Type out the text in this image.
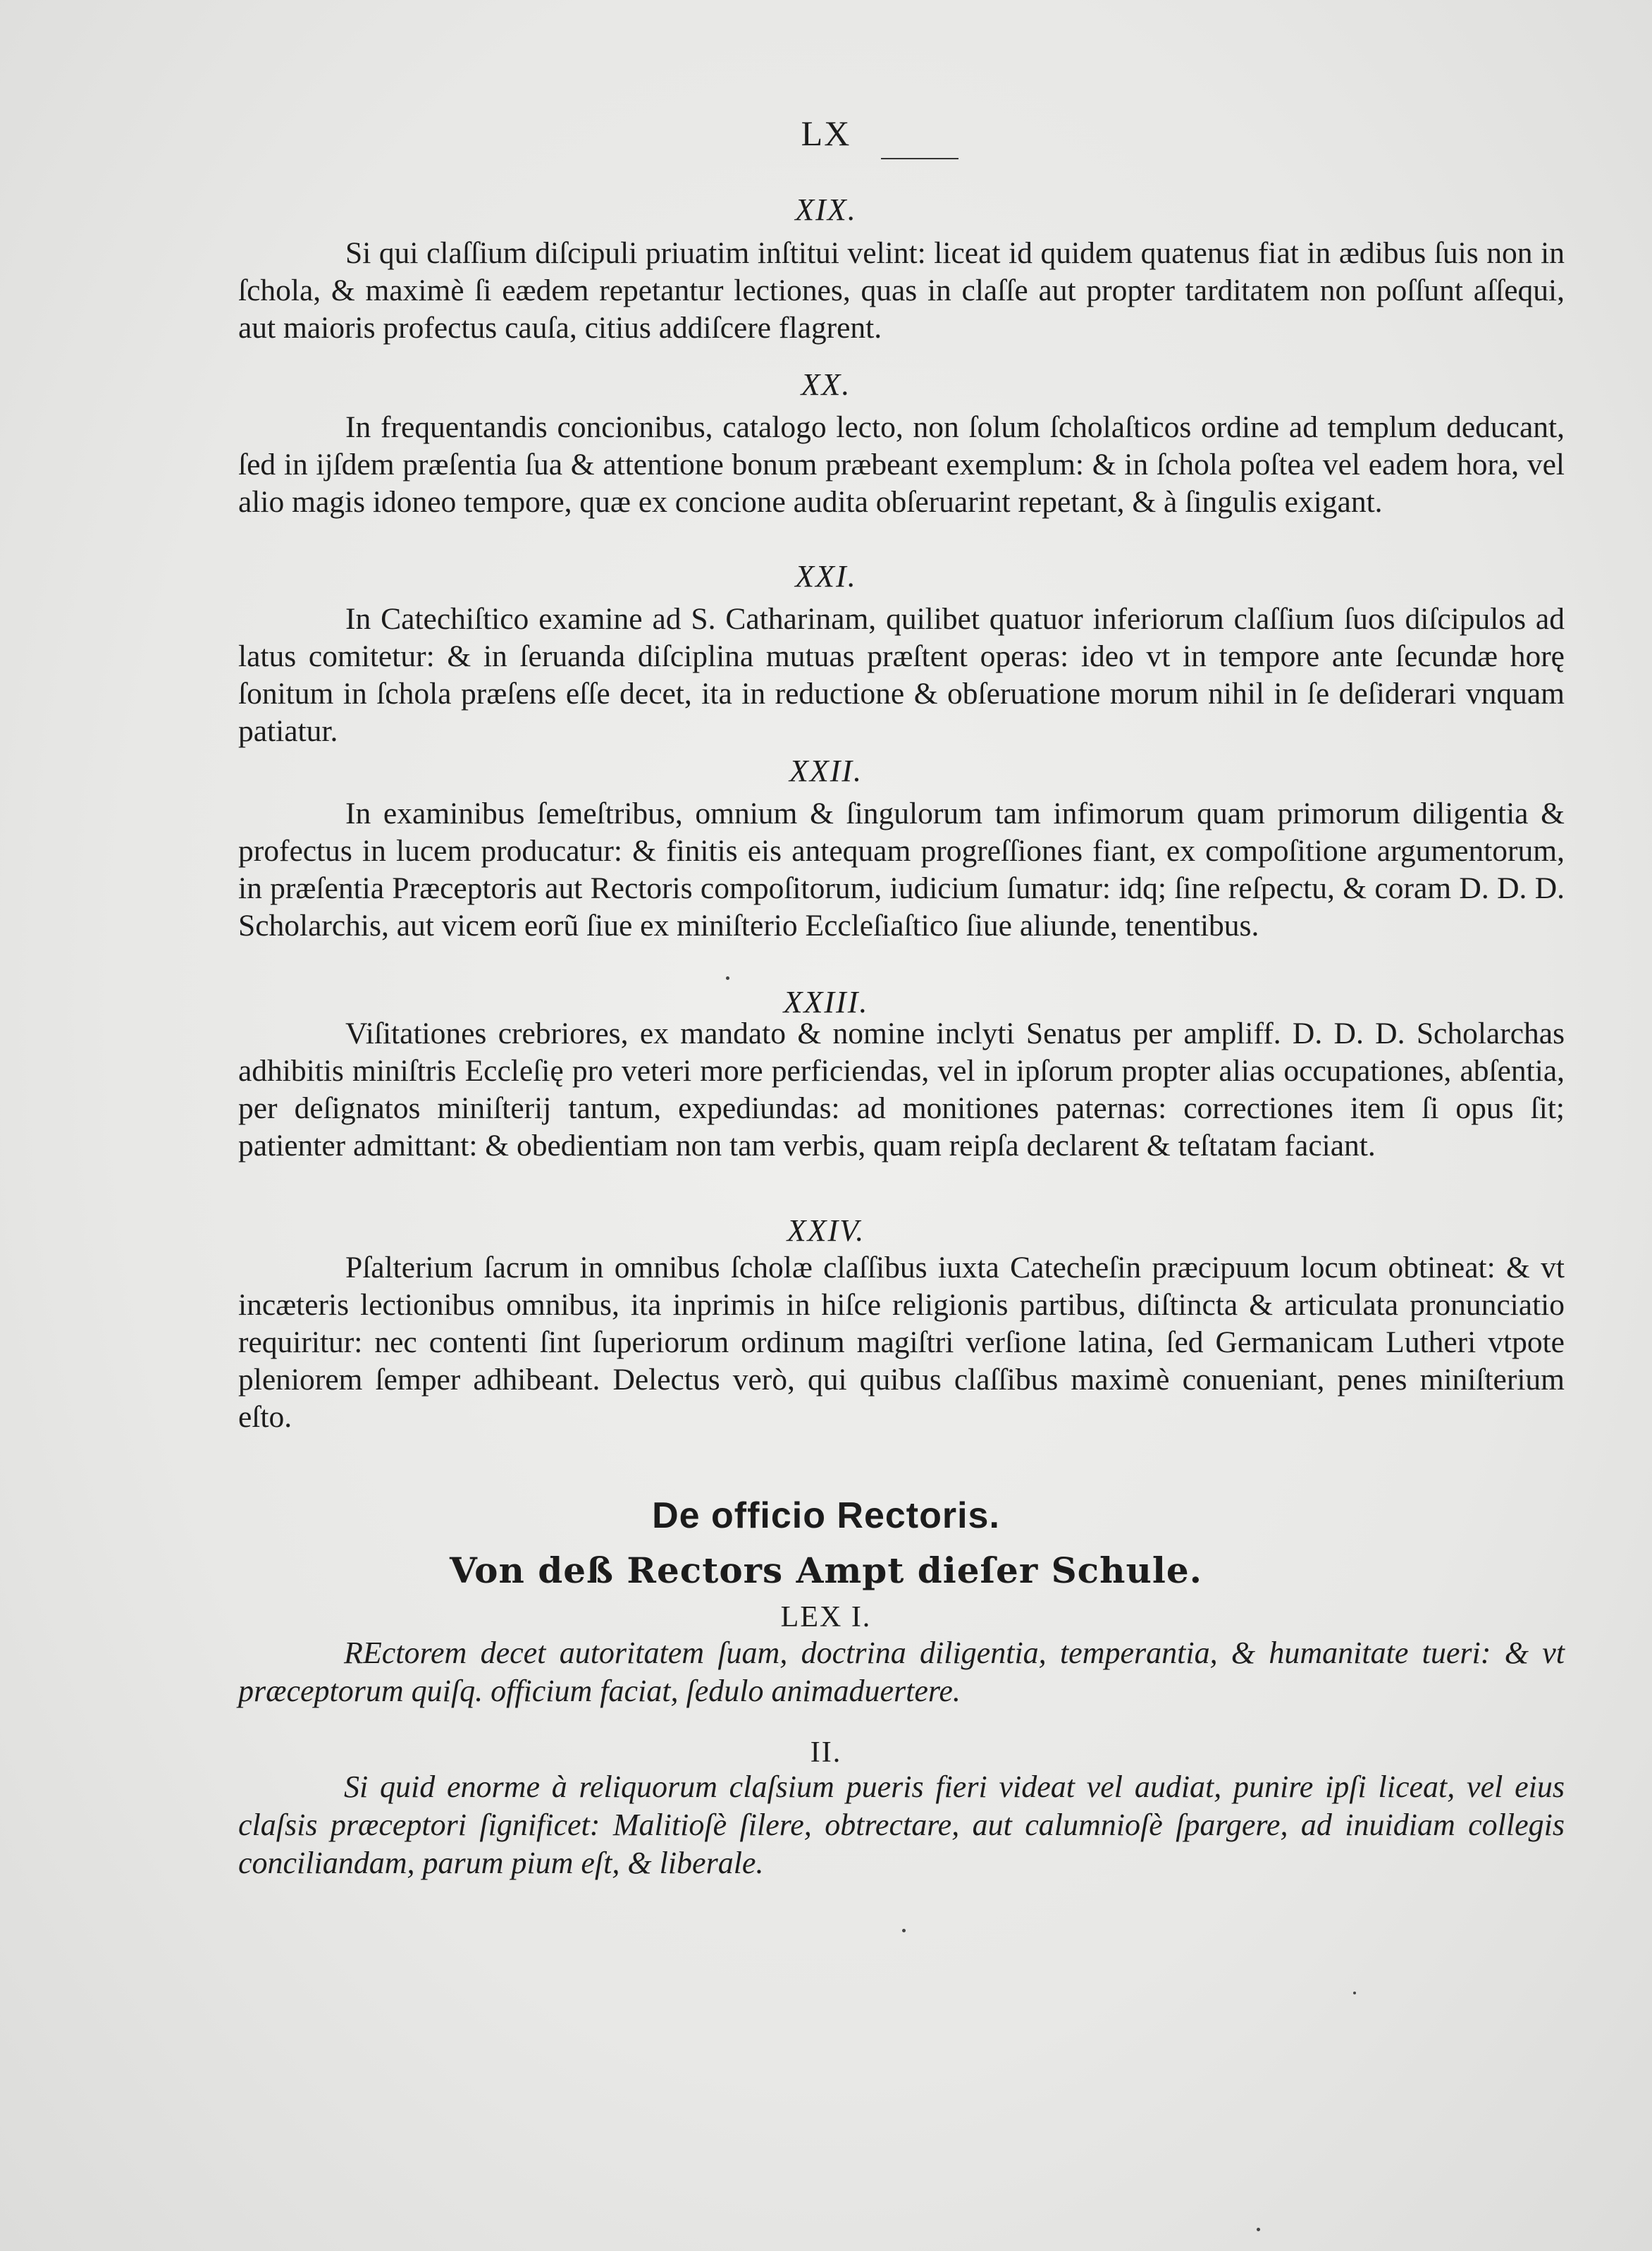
LX
XIX.

Si qui claſſium diſcipuli priuatim inſtitui velint: liceat id quidem quatenus fiat in ædibus ſuis non in ſchola, & maximè ſi eædem repetantur lectiones, quas in claſſe aut propter tarditatem non poſſunt aſſequi, aut maioris profectus cauſa, citius addiſcere flagrent.

XX.

In frequentandis concionibus, catalogo lecto, non ſolum ſcholaſticos ordine ad templum deducant, ſed in ijſdem præſentia ſua & attentione bonum præbeant exemplum: & in ſchola poſtea vel eadem hora, vel alio magis idoneo tempore, quæ ex concione audita obſeruarint repetant, & à ſingulis exigant.

XXI.

In Catechiſtico examine ad S. Catharinam, quilibet quatuor inferiorum claſſium ſuos diſcipulos ad latus comitetur: & in ſeruanda diſciplina mutuas præſtent operas: ideo vt in tempore ante ſecundæ horę ſonitum in ſchola præſens eſſe decet, ita in reductione & obſeruatione morum nihil in ſe deſiderari vnquam patiatur.

XXII.

In examinibus ſemeſtribus, omnium & ſingulorum tam infimorum quam primorum diligentia & profectus in lucem producatur: & finitis eis antequam progreſſiones fiant, ex compoſitione argumentorum, in præſentia Præceptoris aut Rectoris compoſitorum, iudicium ſumatur: idq; ſine reſpectu, & coram D. D. D. Scholarchis, aut vicem eorũ ſiue ex miniſterio Eccleſiaſtico ſiue aliunde, tenentibus.

XXIII.

Viſitationes crebriores, ex mandato & nomine inclyti Senatus per ampliff. D. D. D. Scholarchas adhibitis miniſtris Eccleſię pro veteri more perficiendas, vel in ipſorum propter alias occupationes, abſentia, per deſignatos miniſterij tantum, expediundas: ad monitiones paternas: correctiones item ſi opus ſit; patienter admittant: & obedientiam non tam verbis, quam reipſa declarent & teſtatam faciant.

XXIV.

Pſalterium ſacrum in omnibus ſcholæ claſſibus iuxta Catecheſin præcipuum locum obtineat: & vt incæteris lectionibus omnibus, ita inprimis in hiſce religionis partibus, diſtincta & articulata pronunciatio requiritur: nec contenti ſint ſuperiorum ordinum magiſtri verſione latina, ſed Germanicam Lutheri vtpote pleniorem ſemper adhibeant. Delectus verò, qui quibus claſſibus maximè conueniant, penes miniſterium eſto.

De officio Rectoris.
Von deß Rectors Ampt dieſer Schule.
LEX I.

REctorem decet autoritatem ſuam, doctrina diligentia, temperantia, & humanitate tueri: & vt præceptorum quiſq. officium faciat, ſedulo animaduertere.

II.

Si quid enorme à reliquorum claſsium pueris fieri videat vel audiat, punire ipſi liceat, vel eius claſsis præceptori ſignificet: Malitioſè ſilere, obtrectare, aut calumnioſè ſpargere, ad inuidiam collegis conciliandam, parum pium eſt, & liberale.
